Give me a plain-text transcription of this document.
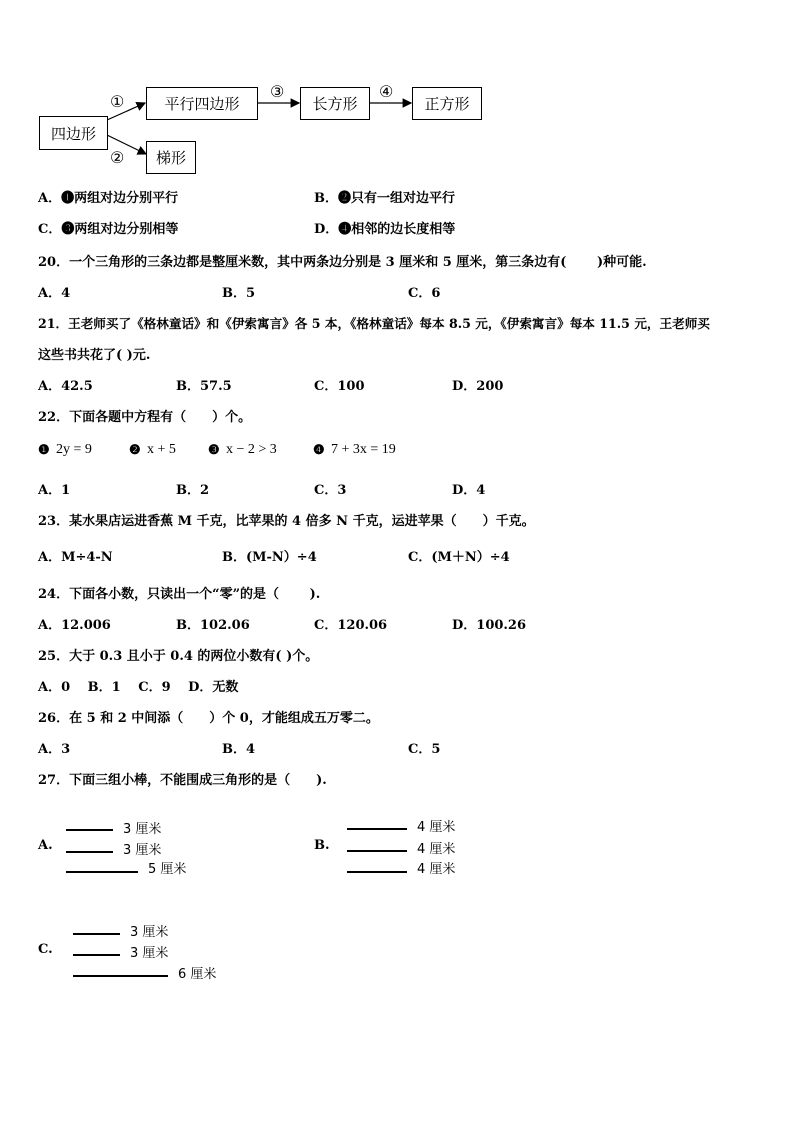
四边形
平行四边形
梯形
长方形	正方形
①
②
③	④
A．❶两组对边分别平行	B．❷只有一组对边平行
C．❸两组对边分别相等	D．❹相邻的边长度相等
20．一个三角形的三条边都是整厘米数，其中两条边分别是 3 厘米和 5 厘米，第三条边有(　　 )种可能.
A．4	B．5	C．6
21．王老师买了《格林童话》和《伊索寓言》各 5 本，《格林童话》每本 8.5 元，《伊索寓言》每本 11.5 元，王老师买
这些书共花了( )元.
A．42.5	B．57.5	C．100	D．200
22．下面各题中方程有（　　）个。
❶ 2y = 9	❷ x + 5 ❸ x − 2 > 3	❹ 7 + 3x = 19
A．1	B．2	C．3	D．4
23．某水果店运进香蕉 M 千克，比苹果的 4 倍多 N 千克，运进苹果（　　）千克。
A．M÷4-N	B．(M-N）÷4	C．(M＋N）÷4
24．下面各小数，只读出一个“零”的是（　　 ).
A．12.006	B．102.06	C．120.06	D．100.26
25．大于 0.3 且小于 0.4 的两位小数有( )个。
A．0　 B．1　 C．9　 D．无数
26．在 5 和 2 中间添（　　）个 0，才能组成五万零二。
A．3	B．4	C．5
27．下面三组小棒，不能围成三角形的是（　　).
A.
3 厘米
3 厘米
5 厘米
B.
4 厘米
4 厘米
4 厘米
C.
3 厘米
3 厘米
6 厘米
